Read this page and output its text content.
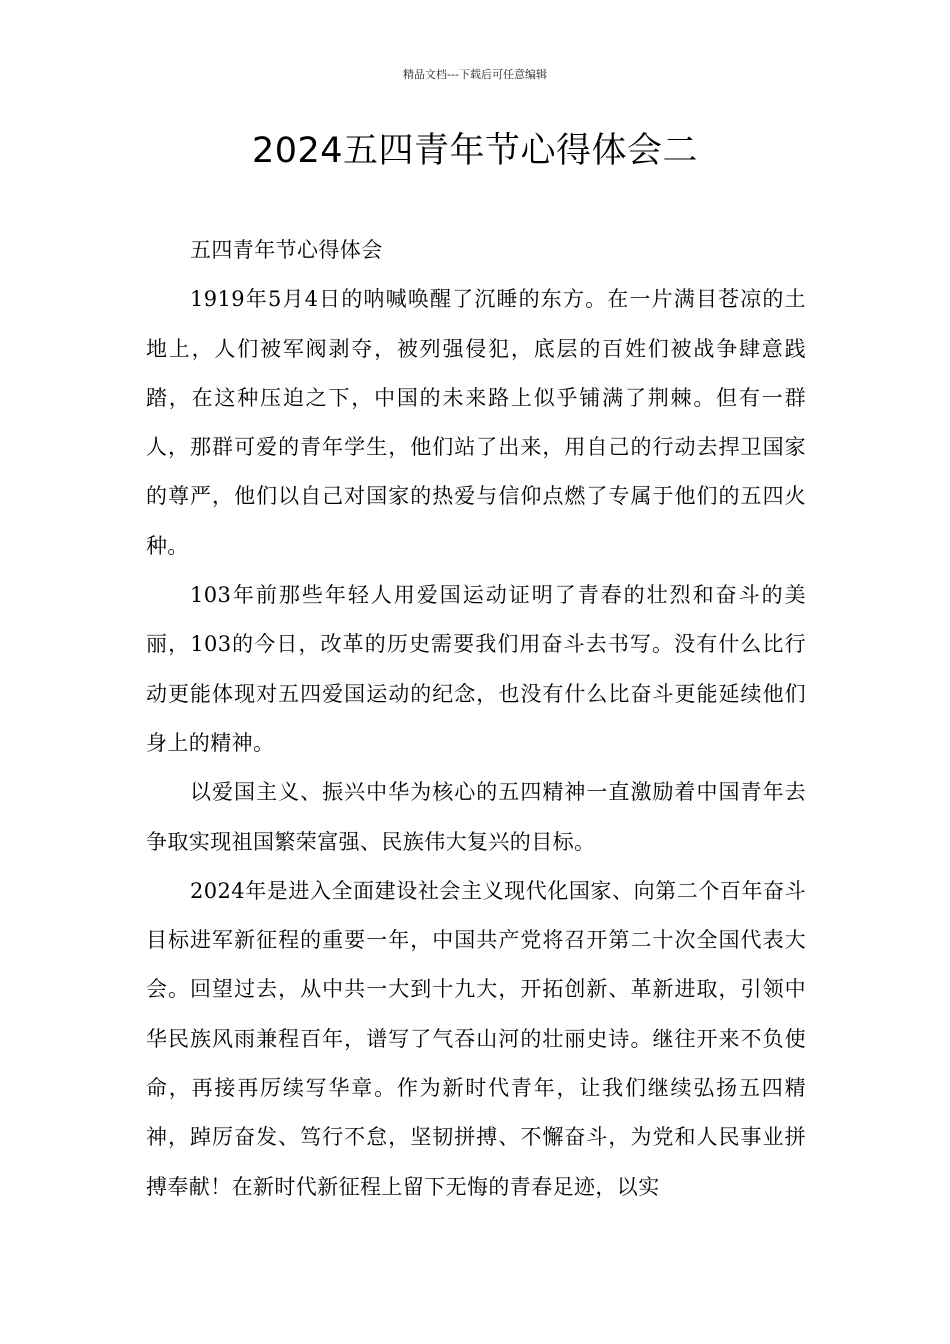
精品文档---下载后可任意编辑
2024五四青年节心得体会二

五四青年节心得体会

1919年5月4日的呐喊唤醒了沉睡的东方。在一片满目苍凉的土地上，人们被军阀剥夺，被列强侵犯，底层的百姓们被战争肆意践踏，在这种压迫之下，中国的未来路上似乎铺满了荆棘。但有一群人，那群可爱的青年学生，他们站了出来，用自己的行动去捍卫国家的尊严，他们以自己对国家的热爱与信仰点燃了专属于他们的五四火种。

103年前那些年轻人用爱国运动证明了青春的壮烈和奋斗的美丽，103的今日，改革的历史需要我们用奋斗去书写。没有什么比行动更能体现对五四爱国运动的纪念，也没有什么比奋斗更能延续他们身上的精神。

以爱国主义、振兴中华为核心的五四精神一直激励着中国青年去争取实现祖国繁荣富强、民族伟大复兴的目标。

2024年是进入全面建设社会主义现代化国家、向第二个百年奋斗目标进军新征程的重要一年，中国共产党将召开第二十次全国代表大会。回望过去，从中共一大到十九大，开拓创新、革新进取，引领中华民族风雨兼程百年，谱写了气吞山河的壮丽史诗。继往开来不负使命，再接再厉续写华章。作为新时代青年，让我们继续弘扬五四精神，踔厉奋发、笃行不怠，坚韧拼搏、不懈奋斗，为党和人民事业拼搏奉献！在新时代新征程上留下无悔的青春足迹，以实
